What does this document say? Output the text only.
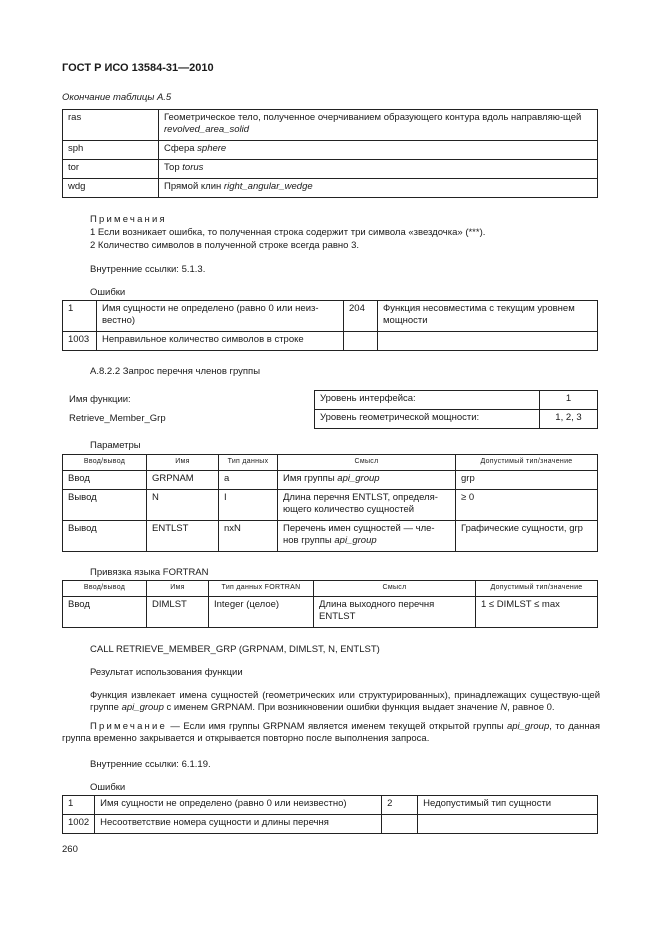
ГОСТ Р ИСО 13584-31—2010
Окончание таблицы А.5
ras	Геометрическое тело, полученное очерчиванием образующего контура вдоль направляю-щей revolved_area_solid
sph	Сфера sphere
tor	Тор torus
wdg	Прямой клин right_angular_wedge
Примечания
1 Если возникает ошибка, то полученная строка содержит три символа «звездочка» (***).
2 Количество символов в полученной строке всегда равно 3.
Внутренние ссылки: 5.1.3.
Ошибки
1	Имя сущности не определено (равно 0 или неиз-вестно)	204	Функция несовместима с текущим уровнем мощности
1003	Неправильное количество символов в строке		
А.8.2.2 Запрос перечня членов группы
Имя функции:
Retrieve_Member_Grp
Уровень интерфейса:	1
Уровень геометрической мощности:	1, 2, 3
Параметры
Ввод/вывод	Имя	Тип данных	Смысл	Допустимый тип/значение
Ввод	GRPNAM	a	Имя группы api_group	grp
Вывод	N	I	Длина перечня ENTLST, определя-ющего количество сущностей	≥ 0
Вывод	ENTLST	nxN	Перечень имен сущностей — чле-нов группы api_group	Графические сущности, grp
Привязка языка FORTRAN
Ввод/вывод	Имя	Тип данных FORTRAN	Смысл	Допустимый тип/значение
Ввод	DIMLST	Integer (целое)	Длина выходного перечня ENTLST	1 ≤ DIMLST ≤ max
CALL RETRIEVE_MEMBER_GRP (GRPNAM, DIMLST, N, ENTLST)
Результат использования функции
Функция извлекает имена сущностей (геометрических или структурированных), принадлежащих существую-щей группе api_group с именем GRPNAM. При возникновении ошибки функция выдает значение N, равное 0.
Примечание — Если имя группы GRPNAM является именем текущей открытой группы api_group, то данная группа временно закрывается и открывается повторно после выполнения запроса.
Внутренние ссылки: 6.1.19.
Ошибки
1	Имя сущности не определено (равно 0 или неизвестно)	2	Недопустимый тип сущности
1002	Несоответствие номера сущности и длины перечня		
260
